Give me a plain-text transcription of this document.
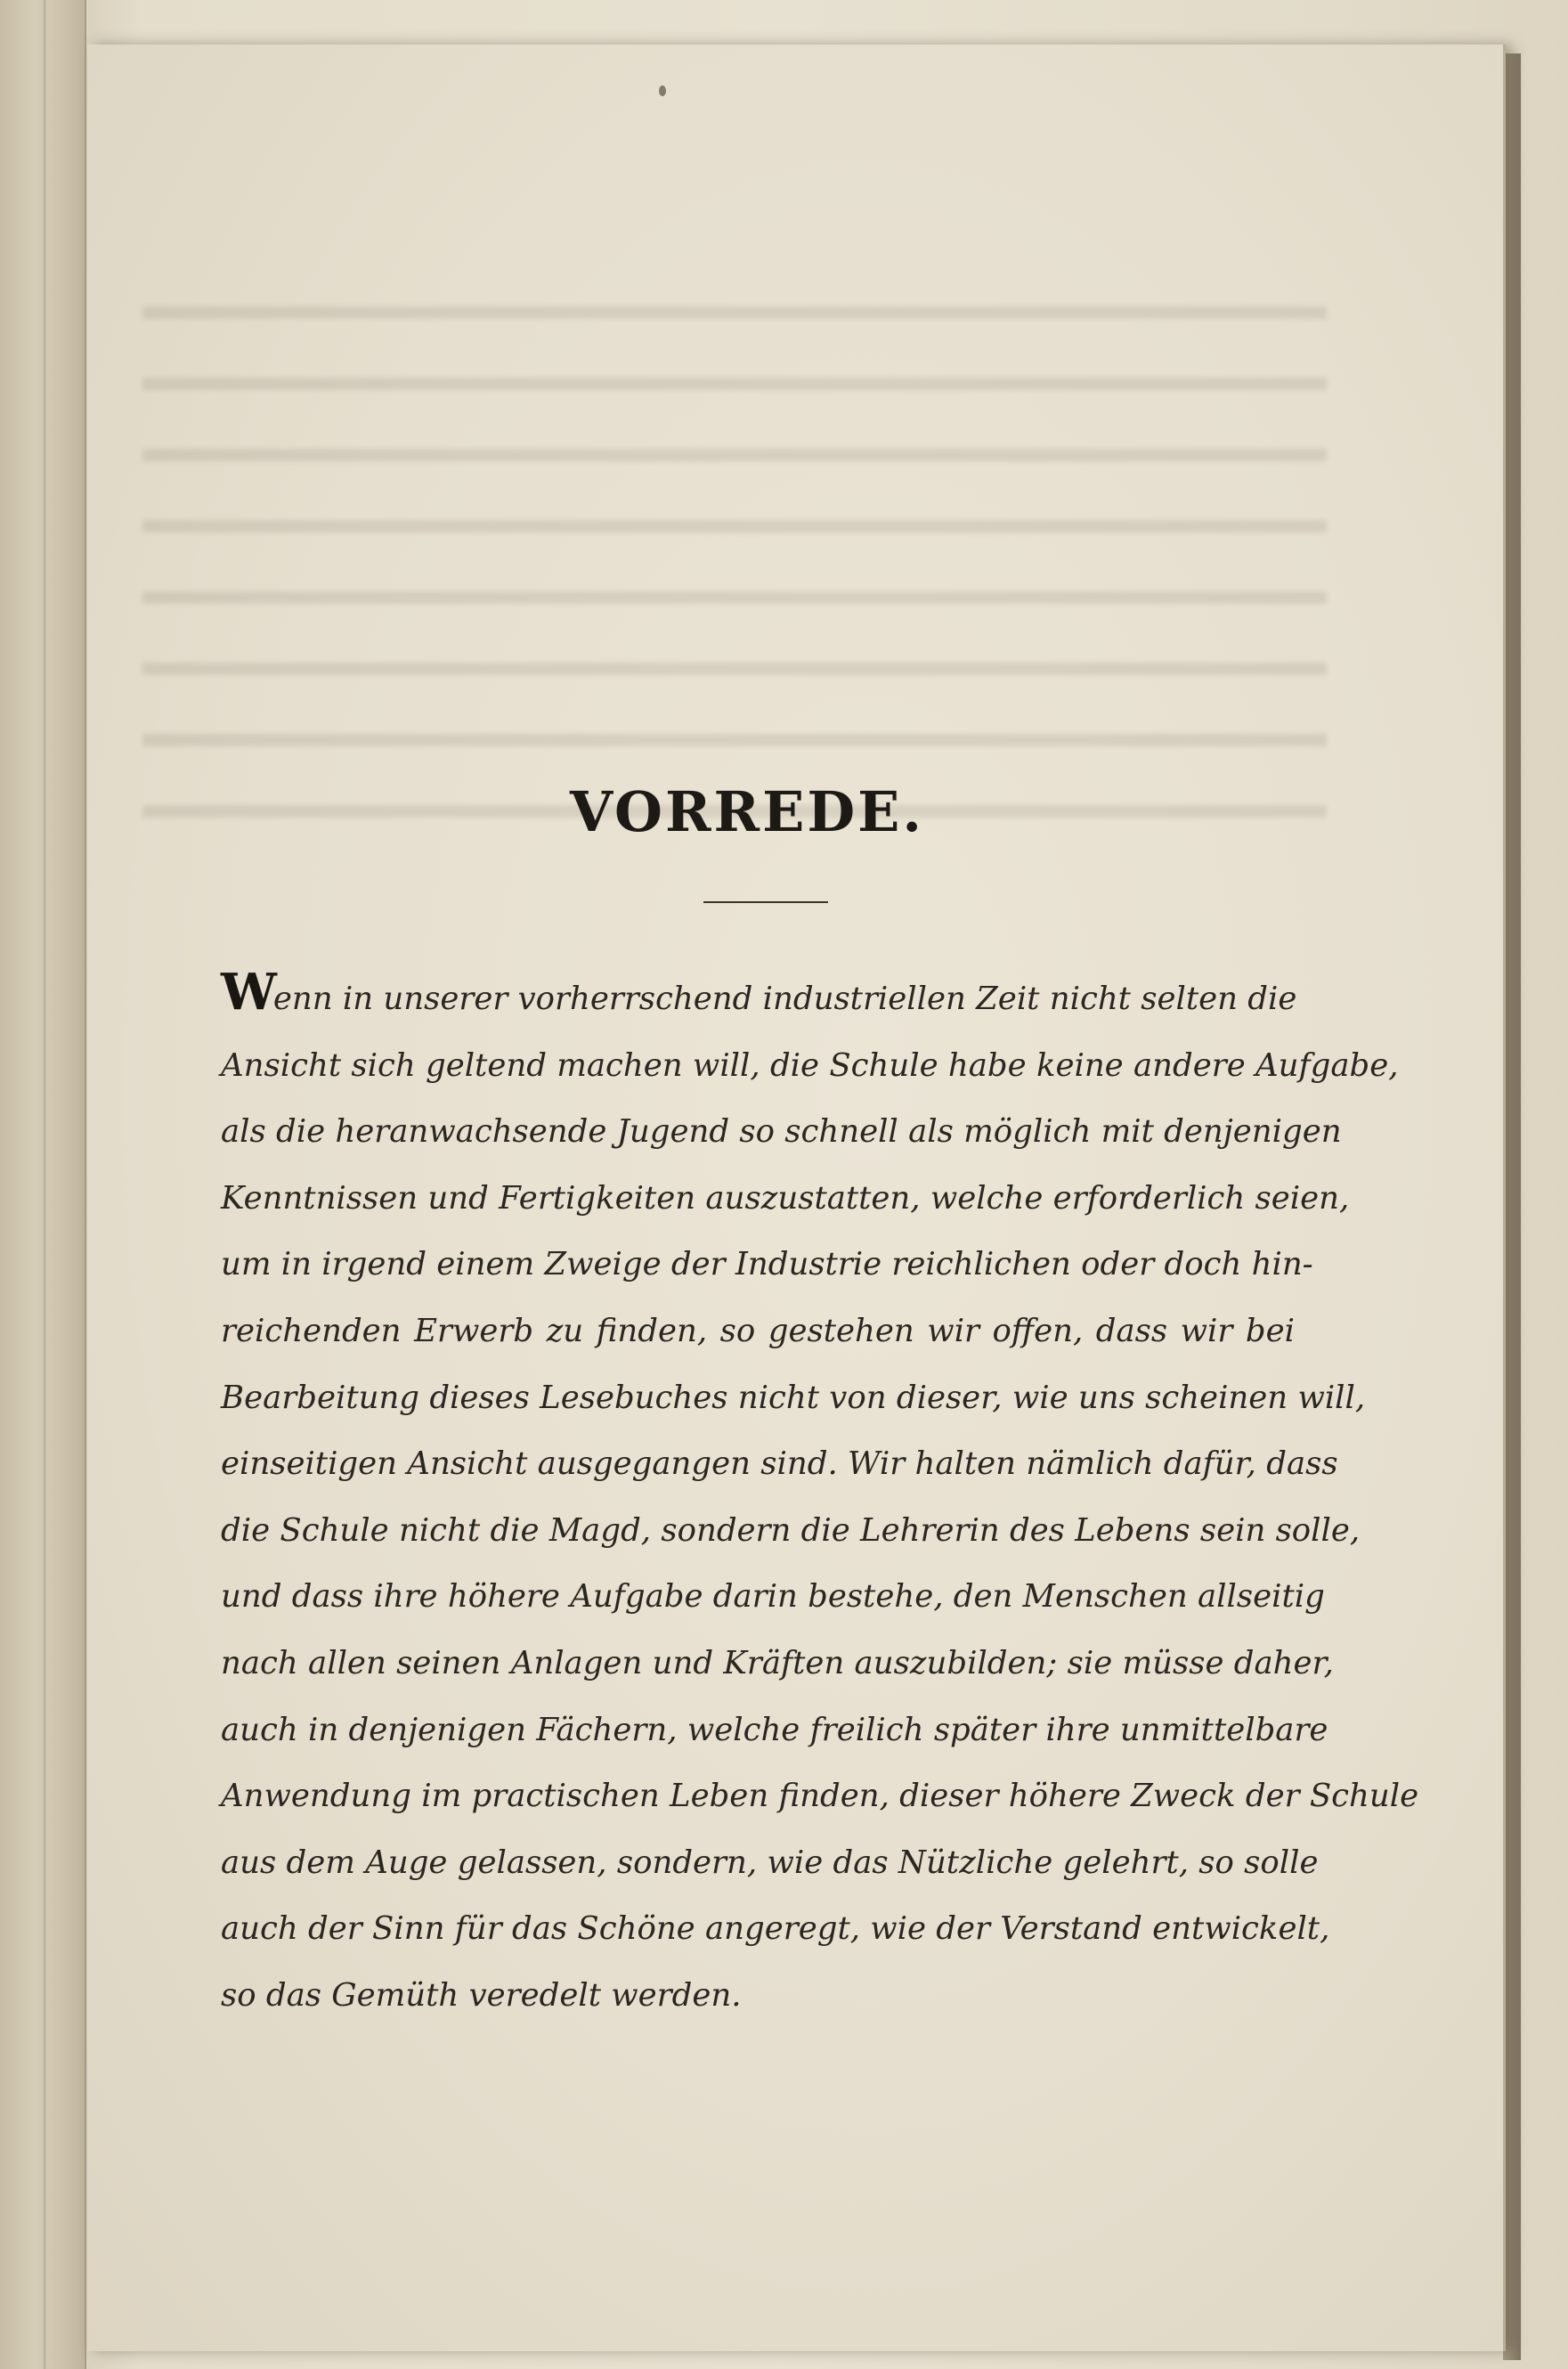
VORREDE.
Wenn in unserer vorherrschend industriellen Zeit nicht selten die
Ansicht sich geltend machen will, die Schule habe keine andere Aufgabe,
als die heranwachsende Jugend so schnell als möglich mit denjenigen
Kenntnissen und Fertigkeiten auszustatten, welche erforderlich seien,
um in irgend einem Zweige der Industrie reichlichen oder doch hin-
reichenden Erwerb zu finden, so gestehen wir offen, dass wir bei
Bearbeitung dieses Lesebuches nicht von dieser, wie uns scheinen will,
einseitigen Ansicht ausgegangen sind. Wir halten nämlich dafür, dass
die Schule nicht die Magd, sondern die Lehrerin des Lebens sein solle,
und dass ihre höhere Aufgabe darin bestehe, den Menschen allseitig
nach allen seinen Anlagen und Kräften auszubilden; sie müsse daher,
auch in denjenigen Fächern, welche freilich später ihre unmittelbare
Anwendung im practischen Leben finden, dieser höhere Zweck der Schule
aus dem Auge gelassen, sondern, wie das Nützliche gelehrt, so solle
auch der Sinn für das Schöne angeregt, wie der Verstand entwickelt,
so das Gemüth veredelt werden.
